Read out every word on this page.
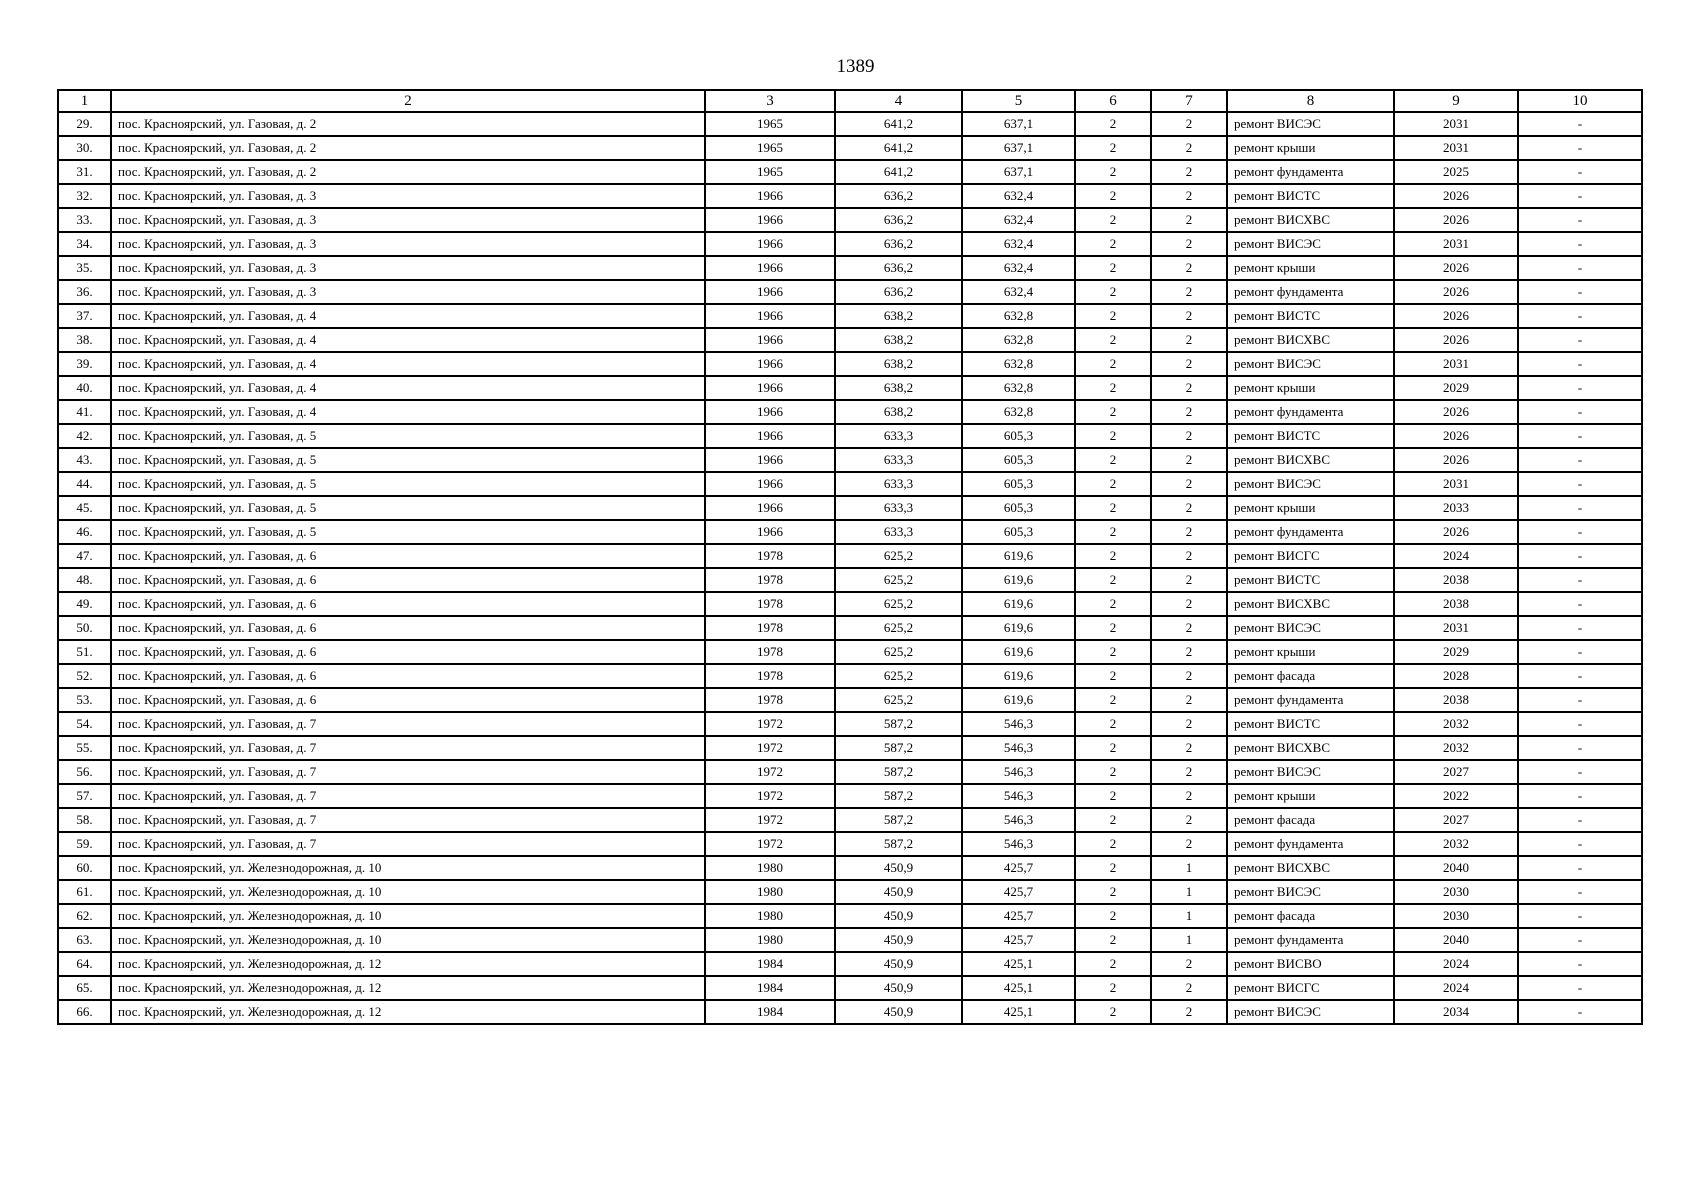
1389
1	2	3	4	5	6	7	8	9	10
29.	пос. Красноярский, ул. Газовая, д. 2	1965	641,2	637,1	2	2	ремонт ВИСЭС	2031	-
30.	пос. Красноярский, ул. Газовая, д. 2	1965	641,2	637,1	2	2	ремонт крыши	2031	-
31.	пос. Красноярский, ул. Газовая, д. 2	1965	641,2	637,1	2	2	ремонт фундамента	2025	-
32.	пос. Красноярский, ул. Газовая, д. 3	1966	636,2	632,4	2	2	ремонт ВИСТС	2026	-
33.	пос. Красноярский, ул. Газовая, д. 3	1966	636,2	632,4	2	2	ремонт ВИСХВС	2026	-
34.	пос. Красноярский, ул. Газовая, д. 3	1966	636,2	632,4	2	2	ремонт ВИСЭС	2031	-
35.	пос. Красноярский, ул. Газовая, д. 3	1966	636,2	632,4	2	2	ремонт крыши	2026	-
36.	пос. Красноярский, ул. Газовая, д. 3	1966	636,2	632,4	2	2	ремонт фундамента	2026	-
37.	пос. Красноярский, ул. Газовая, д. 4	1966	638,2	632,8	2	2	ремонт ВИСТС	2026	-
38.	пос. Красноярский, ул. Газовая, д. 4	1966	638,2	632,8	2	2	ремонт ВИСХВС	2026	-
39.	пос. Красноярский, ул. Газовая, д. 4	1966	638,2	632,8	2	2	ремонт ВИСЭС	2031	-
40.	пос. Красноярский, ул. Газовая, д. 4	1966	638,2	632,8	2	2	ремонт крыши	2029	-
41.	пос. Красноярский, ул. Газовая, д. 4	1966	638,2	632,8	2	2	ремонт фундамента	2026	-
42.	пос. Красноярский, ул. Газовая, д. 5	1966	633,3	605,3	2	2	ремонт ВИСТС	2026	-
43.	пос. Красноярский, ул. Газовая, д. 5	1966	633,3	605,3	2	2	ремонт ВИСХВС	2026	-
44.	пос. Красноярский, ул. Газовая, д. 5	1966	633,3	605,3	2	2	ремонт ВИСЭС	2031	-
45.	пос. Красноярский, ул. Газовая, д. 5	1966	633,3	605,3	2	2	ремонт крыши	2033	-
46.	пос. Красноярский, ул. Газовая, д. 5	1966	633,3	605,3	2	2	ремонт фундамента	2026	-
47.	пос. Красноярский, ул. Газовая, д. 6	1978	625,2	619,6	2	2	ремонт ВИСГС	2024	-
48.	пос. Красноярский, ул. Газовая, д. 6	1978	625,2	619,6	2	2	ремонт ВИСТС	2038	-
49.	пос. Красноярский, ул. Газовая, д. 6	1978	625,2	619,6	2	2	ремонт ВИСХВС	2038	-
50.	пос. Красноярский, ул. Газовая, д. 6	1978	625,2	619,6	2	2	ремонт ВИСЭС	2031	-
51.	пос. Красноярский, ул. Газовая, д. 6	1978	625,2	619,6	2	2	ремонт крыши	2029	-
52.	пос. Красноярский, ул. Газовая, д. 6	1978	625,2	619,6	2	2	ремонт фасада	2028	-
53.	пос. Красноярский, ул. Газовая, д. 6	1978	625,2	619,6	2	2	ремонт фундамента	2038	-
54.	пос. Красноярский, ул. Газовая, д. 7	1972	587,2	546,3	2	2	ремонт ВИСТС	2032	-
55.	пос. Красноярский, ул. Газовая, д. 7	1972	587,2	546,3	2	2	ремонт ВИСХВС	2032	-
56.	пос. Красноярский, ул. Газовая, д. 7	1972	587,2	546,3	2	2	ремонт ВИСЭС	2027	-
57.	пос. Красноярский, ул. Газовая, д. 7	1972	587,2	546,3	2	2	ремонт крыши	2022	-
58.	пос. Красноярский, ул. Газовая, д. 7	1972	587,2	546,3	2	2	ремонт фасада	2027	-
59.	пос. Красноярский, ул. Газовая, д. 7	1972	587,2	546,3	2	2	ремонт фундамента	2032	-
60.	пос. Красноярский, ул. Железнодорожная, д. 10	1980	450,9	425,7	2	1	ремонт ВИСХВС	2040	-
61.	пос. Красноярский, ул. Железнодорожная, д. 10	1980	450,9	425,7	2	1	ремонт ВИСЭС	2030	-
62.	пос. Красноярский, ул. Железнодорожная, д. 10	1980	450,9	425,7	2	1	ремонт фасада	2030	-
63.	пос. Красноярский, ул. Железнодорожная, д. 10	1980	450,9	425,7	2	1	ремонт фундамента	2040	-
64.	пос. Красноярский, ул. Железнодорожная, д. 12	1984	450,9	425,1	2	2	ремонт ВИСВО	2024	-
65.	пос. Красноярский, ул. Железнодорожная, д. 12	1984	450,9	425,1	2	2	ремонт ВИСГС	2024	-
66.	пос. Красноярский, ул. Железнодорожная, д. 12	1984	450,9	425,1	2	2	ремонт ВИСЭС	2034	-
